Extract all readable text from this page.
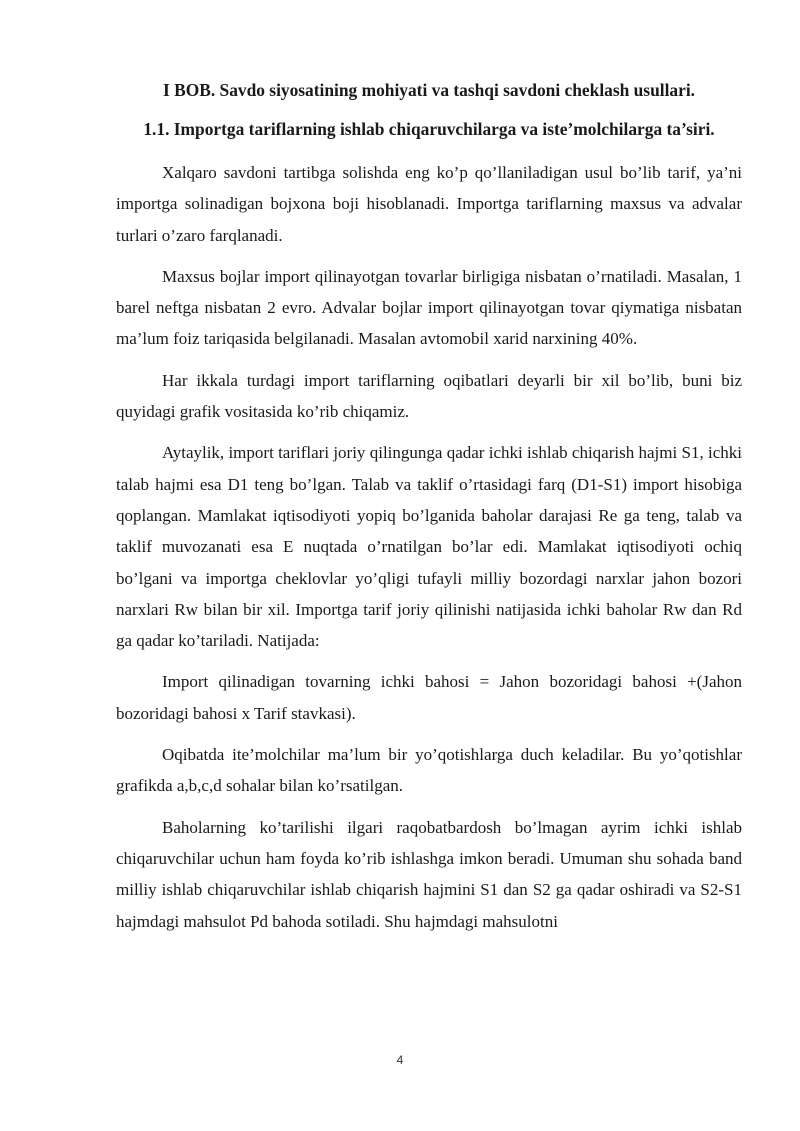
I BOB. Savdo siyosatining mohiyati va tashqi savdoni cheklash usullari.

1.1. Importga tariflarning ishlab chiqaruvchilarga va iste’molchilarga ta’siri.

Xalqaro savdoni tartibga solishda eng ko’p qo’llaniladigan usul bo’lib tarif, ya’ni importga solinadigan bojxona boji hisoblanadi. Importga tariflarning maxsus va advalar turlari o’zaro farqlanadi.

Maxsus bojlar import qilinayotgan tovarlar birligiga nisbatan o’rnatiladi. Masalan, 1 barel neftga nisbatan 2 evro. Advalar bojlar import qilinayotgan tovar qiymatiga nisbatan ma’lum foiz tariqasida belgilanadi. Masalan avtomobil xarid narxining 40%.

Har ikkala turdagi import tariflarning oqibatlari deyarli bir xil bo’lib, buni biz quyidagi grafik vositasida ko’rib chiqamiz.

Aytaylik, import tariflari joriy qilingunga qadar ichki ishlab chiqarish hajmi S1, ichki talab hajmi esa D1 teng bo’lgan. Talab va taklif o’rtasidagi farq (D1-S1) import hisobiga qoplangan. Mamlakat iqtisodiyoti yopiq bo’lganida baholar darajasi Re ga teng, talab va taklif muvozanati esa E nuqtada o’rnatilgan bo’lar edi. Mamlakat iqtisodiyoti ochiq bo’lgani va importga cheklovlar yo’qligi tufayli milliy bozordagi narxlar jahon bozori narxlari Rw bilan bir xil. Importga tarif joriy qilinishi natijasida ichki baholar Rw dan Rd ga qadar ko’tariladi. Natijada:

Import qilinadigan tovarning ichki bahosi = Jahon bozoridagi bahosi +(Jahon bozoridagi bahosi x Tarif stavkasi).

Oqibatda ite’molchilar ma’lum bir yo’qotishlarga duch keladilar. Bu yo’qotishlar grafikda a,b,c,d sohalar bilan ko’rsatilgan.

Baholarning ko’tarilishi ilgari raqobatbardosh bo’lmagan ayrim ichki ishlab chiqaruvchilar uchun ham foyda ko’rib ishlashga imkon beradi. Umuman shu sohada band milliy ishlab chiqaruvchilar ishlab chiqarish hajmini S1 dan S2 ga qadar oshiradi va S2-S1 hajmdagi mahsulot Pd bahoda sotiladi. Shu hajmdagi mahsulotni

4
